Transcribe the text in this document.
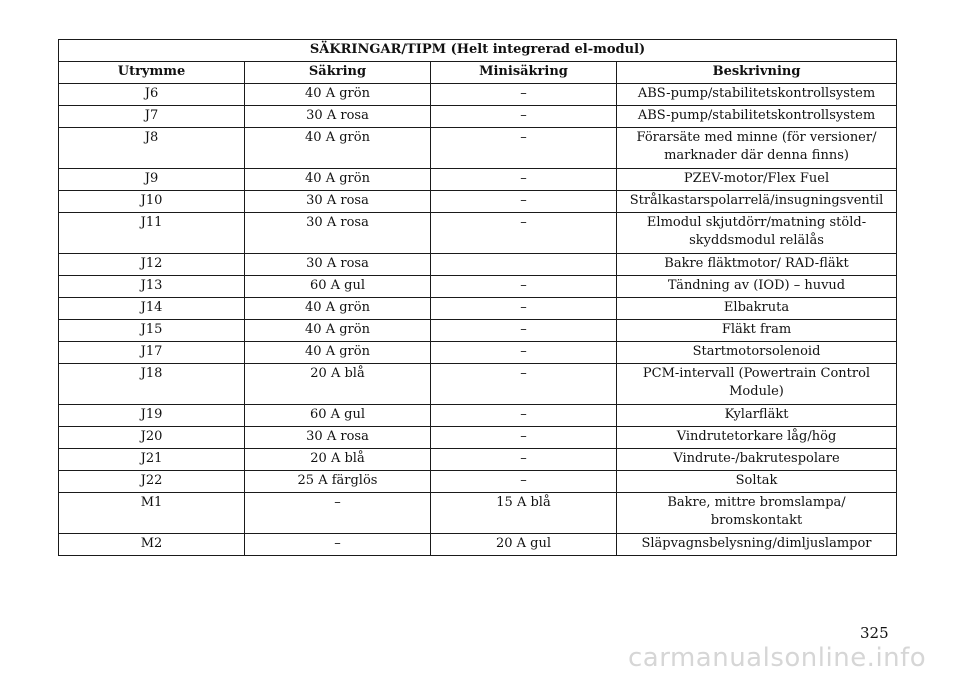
SÄKRINGAR/TIPM (Helt integrerad el-modul)			
Utrymme	Säkring	Minisäkring	Beskrivning
J6	40 A grön	–	ABS-pump/stabilitetskontrollsystem
J7	30 A rosa	–	ABS-pump/stabilitetskontrollsystem
J8	40 A grön	–	Förarsäte med minne (för versioner/
marknader där denna finns)
J9	40 A grön	–	PZEV-motor/Flex Fuel
J10	30 A rosa	–	Strålkastarspolarrelä/insugningsventil
J11	30 A rosa	–	Elmodul skjutdörr/matning stöld-
skyddsmodul relälås
J12	30 A rosa		Bakre fläktmotor/ RAD-fläkt
J13	60 A gul	–	Tändning av (IOD) – huvud
J14	40 A grön	–	Elbakruta
J15	40 A grön	–	Fläkt fram
J17	40 A grön	–	Startmotorsolenoid
J18	20 A blå	–	PCM-intervall (Powertrain Control
Module)
J19	60 A gul	–	Kylarfläkt
J20	30 A rosa	–	Vindrutetorkare låg/hög
J21	20 A blå	–	Vindrute-/bakrutespolare
J22	25 A färglös	–	Soltak
M1	–	15 A blå	Bakre, mittre bromslampa/
bromskontakt
M2	–	20 A gul	Släpvagnsbelysning/dimljuslampor
325
carmanualsonline.info
